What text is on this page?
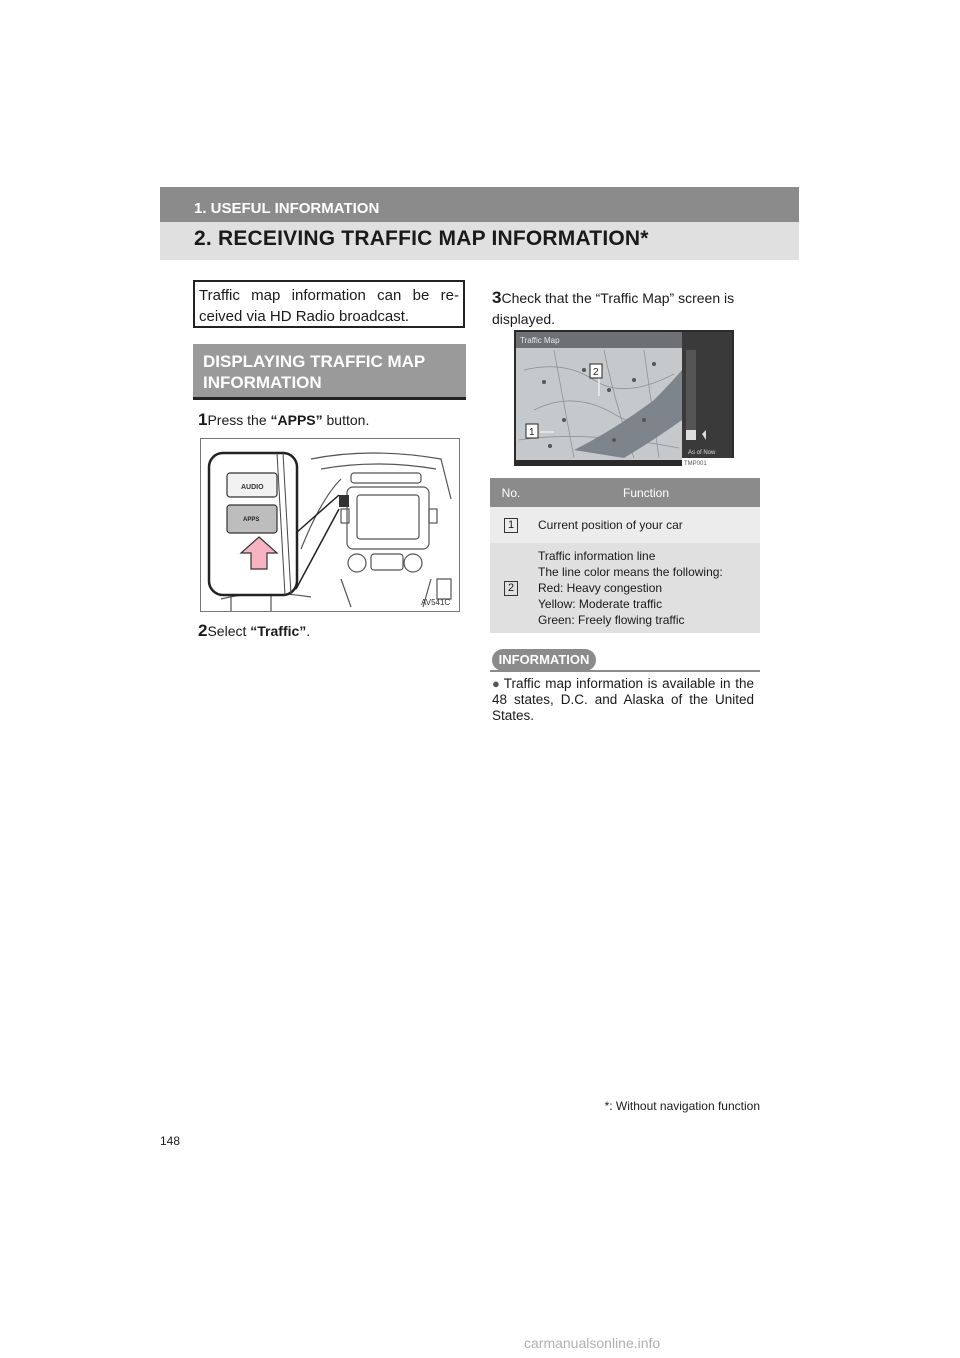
1. USEFUL INFORMATION
2. RECEIVING TRAFFIC MAP INFORMATION*
Traffic map information can be re-ceived via HD Radio broadcast.
DISPLAYING TRAFFIC MAP
INFORMATION
1Press the “APPS” button.
AUDIO
APPS
AV541C
2Select “Traffic”.
3Check that the “Traffic Map” screen is displayed.
Traffic Map
2
1
As of Now
TMP001
No.	Function
1	Current position of your car
2	Traffic information line
The line color means the following:
Red: Heavy congestion
Yellow: Moderate traffic
Green: Freely flowing traffic
INFORMATION
● Traffic map information is available in the 48 states, D.C. and Alaska of the United States.
*: Without navigation function
148
carmanualsonline.info
